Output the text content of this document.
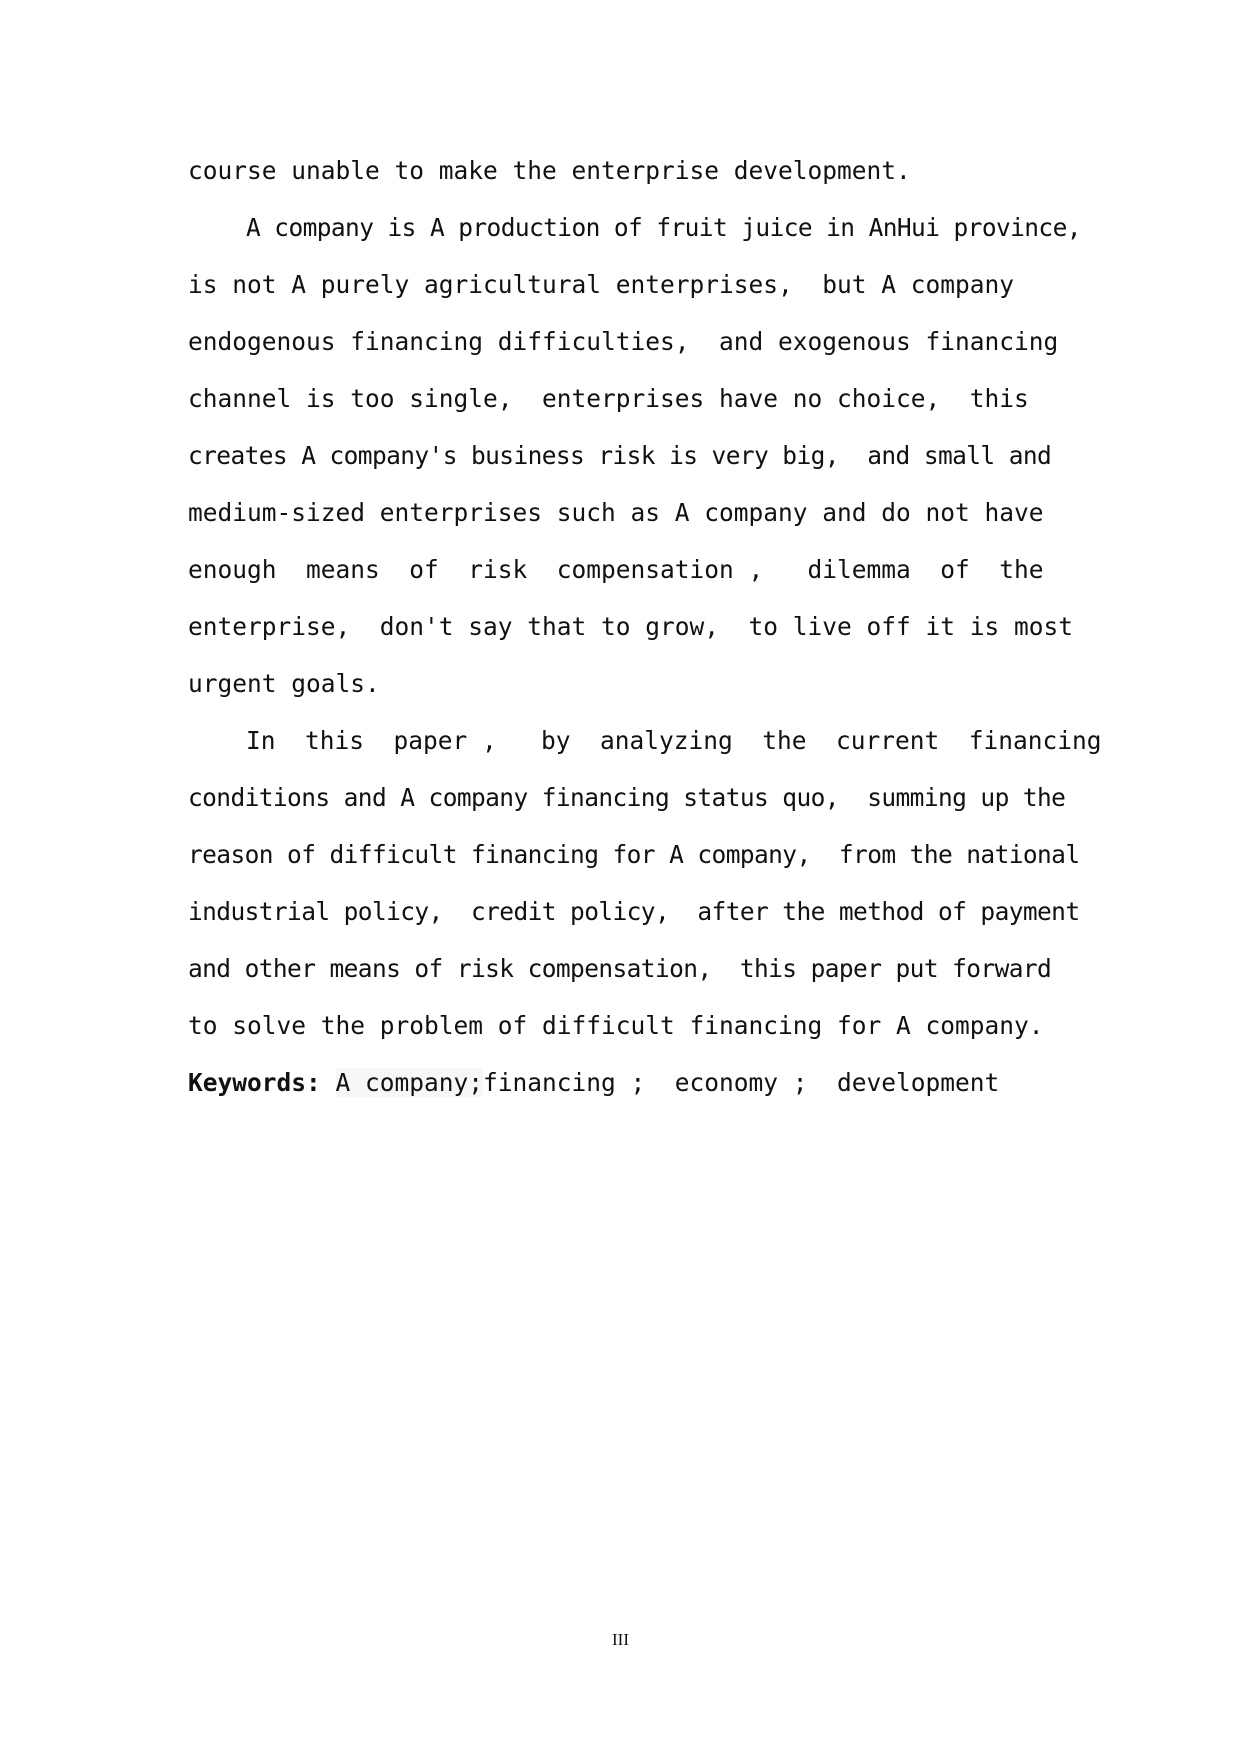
course unable to make the enterprise development.
A company is A production of fruit juice in AnHui province,
is not A purely agricultural enterprises,  but A company
endogenous financing difficulties,  and exogenous financing
channel is too single,  enterprises have no choice,  this
creates A company's business risk is very big,  and small and
medium-sized enterprises such as A company and do not have
enough  means  of  risk  compensation ,   dilemma  of  the
enterprise,  don't say that to grow,  to live off it is most
urgent goals.
In  this  paper ,   by  analyzing  the  current  financing
conditions and A company financing status quo,  summing up the
reason of difficult financing for A company,  from the national
industrial policy,  credit policy,  after the method of payment
and other means of risk compensation,  this paper put forward
to solve the problem of difficult financing for A company.
Keywords: A company;financing ;  economy ;  development
III
